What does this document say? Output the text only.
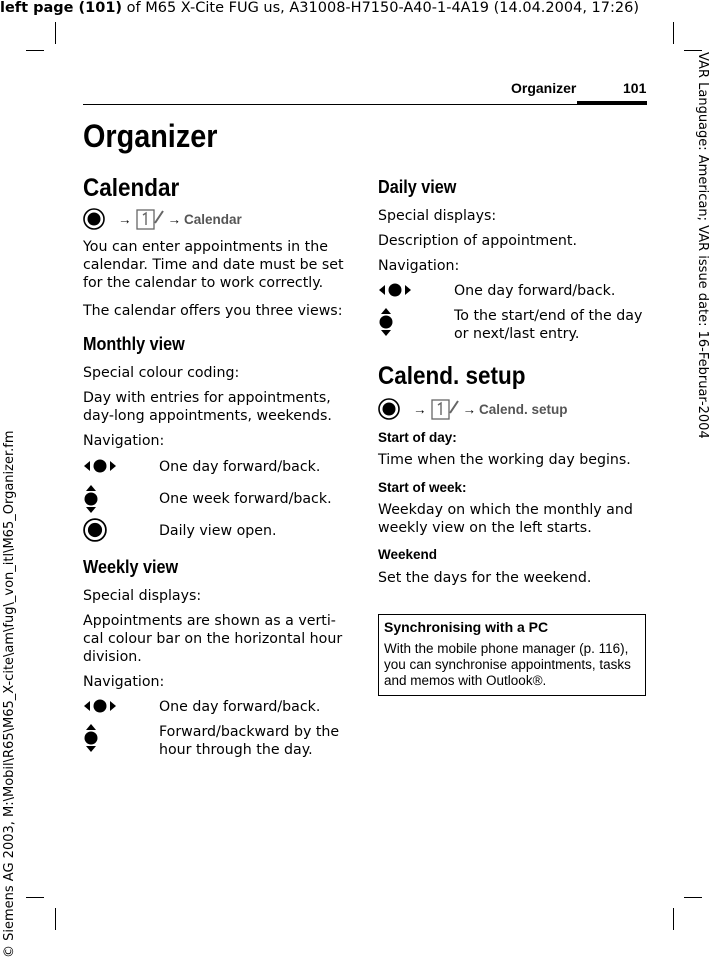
left page (101) of M65 X-Cite FUG us, A31008-H7150-A40-1-4A19 (14.04.2004, 17:26)
VAR Language: American; VAR issue date: 16-Februar-2004
© Siemens AG 2003, M:\Mobil\R65\M65_X-cite\am\fug\_von_itl\M65_Organizer.fm
Organizer	101
Organizer
Calendar
→	→ Calendar
You can enter appointments in the calendar. Time and date must be set for the calendar to work correctly.
The calendar offers you three views:
Monthly view
Special colour coding:
Day with entries for appointments, day-long appointments, weekends.
Navigation:
One day forward/back.
One week forward/back.
Daily view open.
Weekly view
Special displays:
Appointments are shown as a verti-cal colour bar on the horizontal hour division.
Navigation:
One day forward/back.
Forward/backward by the hour through the day.
Daily view
Special displays:
Description of appointment.
Navigation:
One day forward/back.
To the start/end of the day or next/last entry.
Calend. setup
→	→ Calend. setup
Start of day:
Time when the working day begins.
Start of week:
Weekday on which the monthly and weekly view on the left starts.
Weekend
Set the days for the weekend.
Synchronising with a PC
With the mobile phone manager (p. 116), you can synchronise appointments, tasks and memos with Outlook®.
